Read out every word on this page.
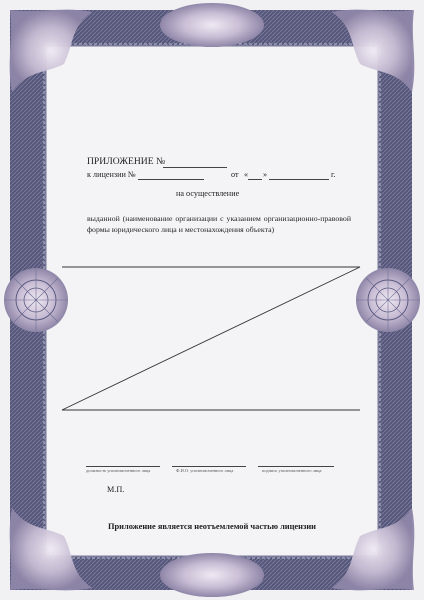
ПРИЛОЖЕНИЕ №
к лицензии №	от « »	г.
на осуществление
выданной (наименование организации с указанием организационно-правовой формы юридического лица и местонахождения объекта)
должность уполномоченного лица	Ф.И.О. уполномоченного лица	подпись уполномоченного лица
М.П.
Приложение является неотъемлемой частью лицензии
